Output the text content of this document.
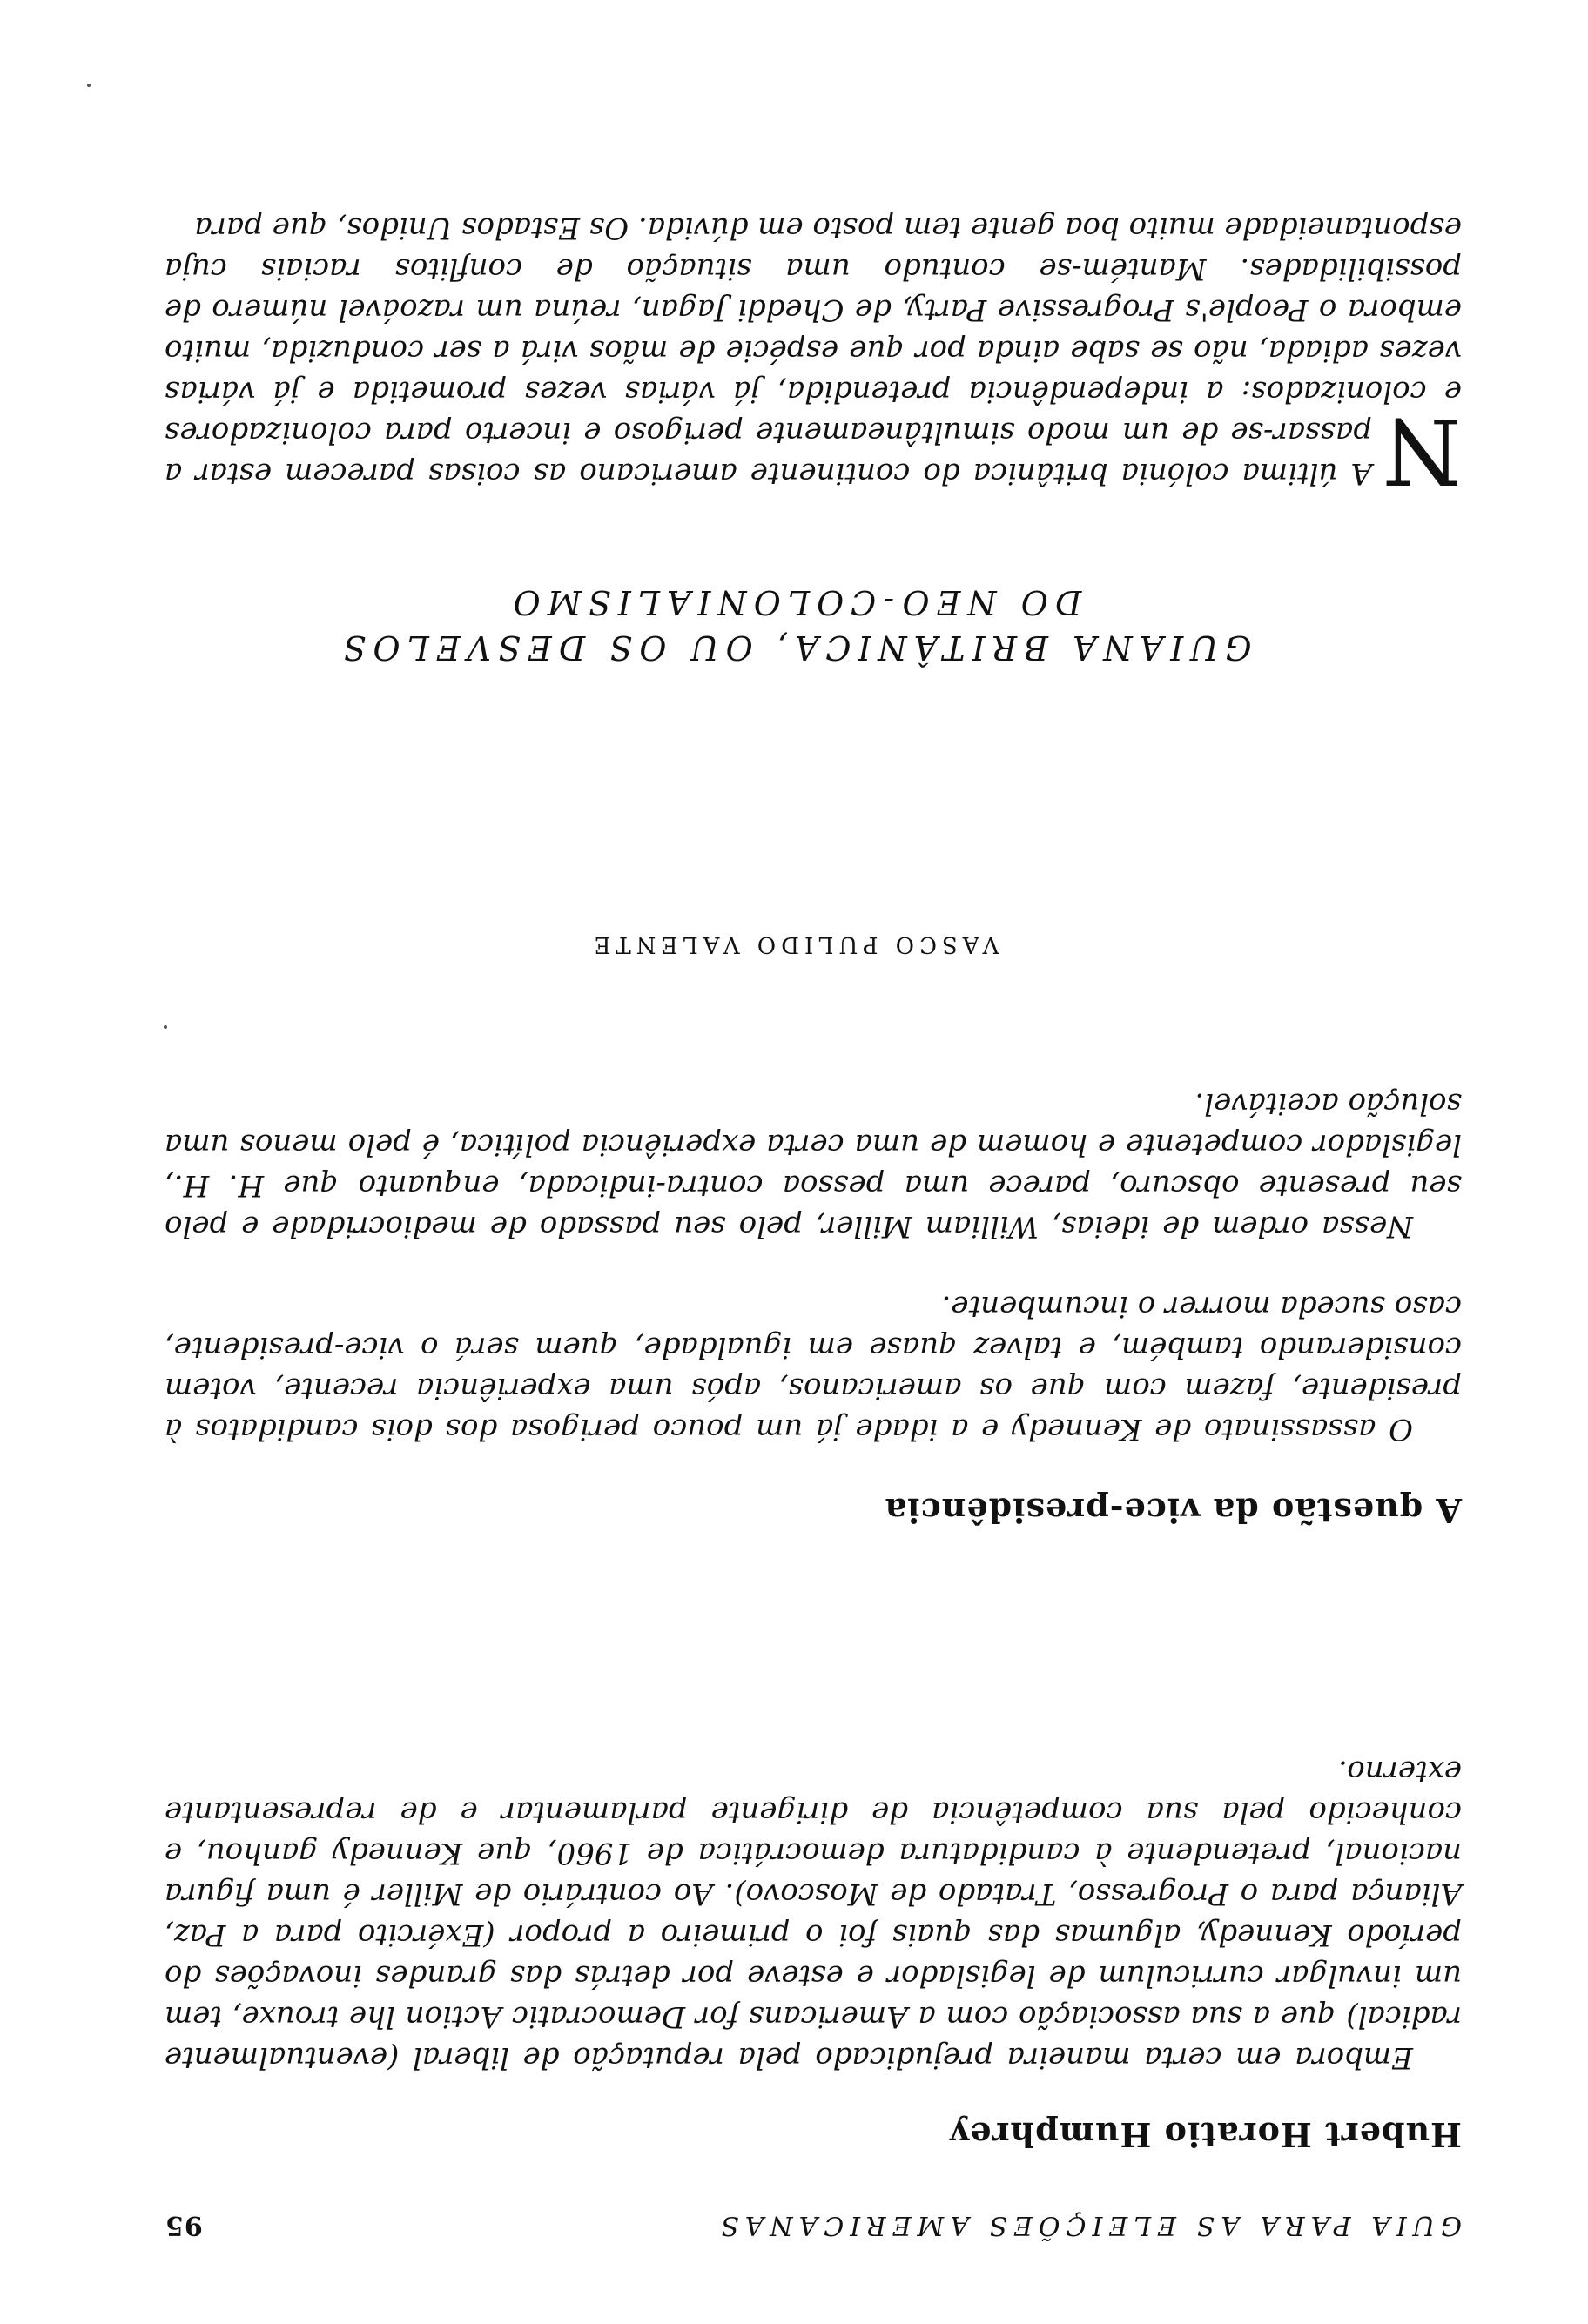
GUIA PARA AS ELEIÇÕES AMERICANAS
95
Hubert Horatio Humphrey

Embora em certa maneira prejudicado pela reputação de liberal (eventualmente radical) que a sua associação com a Americans for Democratic Action lhe trouxe, tem um invulgar curriculum de legislador e esteve por detrás das grandes inovações do período Kennedy, algumas das quais foi o primeiro a propor (Exército para a Paz, Aliança para o Progresso, Tratado de Moscovo). Ao contrário de Miller é uma figura nacional, pretendente à candidatura democrática de 1960, que Kennedy ganhou, e conhecido pela sua competência de dirigente parlamentar e de representante externo.

A questão da vice-presidência

O assassinato de Kennedy e a idade já um pouco perigosa dos dois candidatos à presidente, fazem com que os americanos, após uma experiência recente, votem considerando também, e talvez quase em igualdade, quem será o vice-presidente, caso suceda morrer o incumbente.

Nessa ordem de ideias, William Miller, pelo seu passado de mediocridade e pelo seu presente obscuro, parece uma pessoa contra-indicada, enquanto que H. H., legislador competente e homem de uma certa experiência política, é pelo menos uma solução aceitável.

VASCO PULIDO VALENTE
GUIANA BRITÂNICA, OU OS DESVELOS
DO NEO-COLONIALISMO
N
A última colónia britânica do continente americano as coisas parecem estar a passar-se de um modo simultâneamente perigoso e incerto para colonizadores e colonizados: a independência pretendida, já várias vezes prometida e já várias vezes adiada, não se sabe ainda por que espécie de mãos virá a ser conduzida, muito embora o People's Progressive Party, de Cheddi Jagan, reúna um razoável número de possibilidades. Mantém-se contudo uma situação de conflitos raciais cuja espontaneidade muito boa gente tem posto em dúvida. Os Estados Unidos, que para
